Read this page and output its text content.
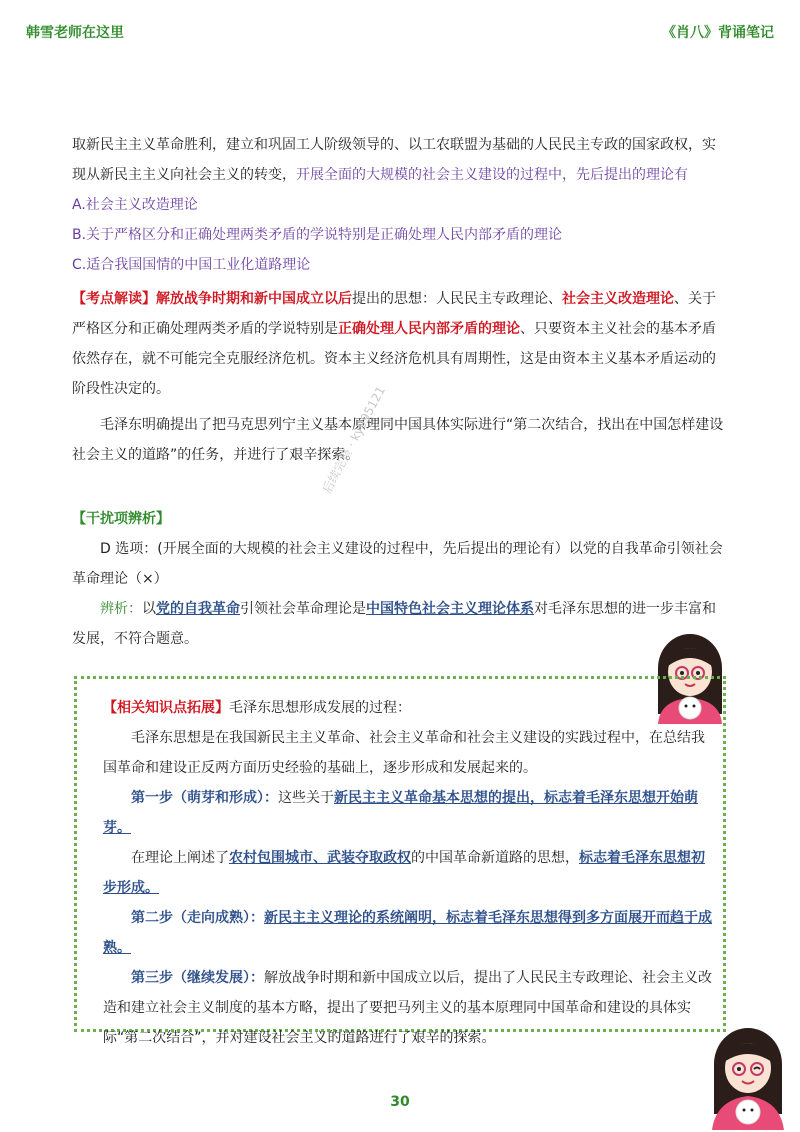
韩雪老师在这里	《肖八》背诵笔记

取新民主主义革命胜利，建立和巩固工人阶级领导的、以工农联盟为基础的人民民主专政的国家政权，实

现从新民主主义向社会主义的转变，开展全面的大规模的社会主义建设的过程中，先后提出的理论有

A.社会主义改造理论

B.关于严格区分和正确处理两类矛盾的学说特别是正确处理人民内部矛盾的理论

C.适合我国国情的中国工业化道路理论

【考点解读】解放战争时期和新中国成立以后提出的思想：人民民主专政理论、社会主义改造理论、关于严格区分和正确处理两类矛盾的学说特别是正确处理人民内部矛盾的理论、只要资本主义社会的基本矛盾依然存在，就不可能完全克服经济危机。资本主义经济危机具有周期性，这是由资本主义基本矛盾运动的阶段性决定的。

毛泽东明确提出了把马克思列宁主义基本原理同中国具体实际进行“第二次结合，找出在中国怎样建设社会主义的道路”的任务，并进行了艰辛探索。

【干扰项辨析】

D 选项：(开展全面的大规模的社会主义建设的过程中，先后提出的理论有）以党的自我革命引领社会革命理论（×）

辨析：以党的自我革命引领社会革命理论是中国特色社会主义理论体系对毛泽东思想的进一步丰富和发展，不符合题意。

后续完整 · ky995121

【相关知识点拓展】毛泽东思想形成发展的过程：

毛泽东思想是在我国新民主主义革命、社会主义革命和社会主义建设的实践过程中，在总结我国革命和建设正反两方面历史经验的基础上，逐步形成和发展起来的。

第一步（萌芽和形成）：这些关于新民主主义革命基本思想的提出，标志着毛泽东思想开始萌芽。

在理论上阐述了农村包围城市、武装夺取政权的中国革命新道路的思想，标志着毛泽东思想初步形成。

第二步（走向成熟）：新民主主义理论的系统阐明，标志着毛泽东思想得到多方面展开而趋于成熟。

第三步（继续发展）：解放战争时期和新中国成立以后，提出了人民民主专政理论、社会主义改造和建立社会主义制度的基本方略，提出了要把马列主义的基本原理同中国革命和建设的具体实际“第二次结合”，并对建设社会主义的道路进行了艰辛的探索。

30
